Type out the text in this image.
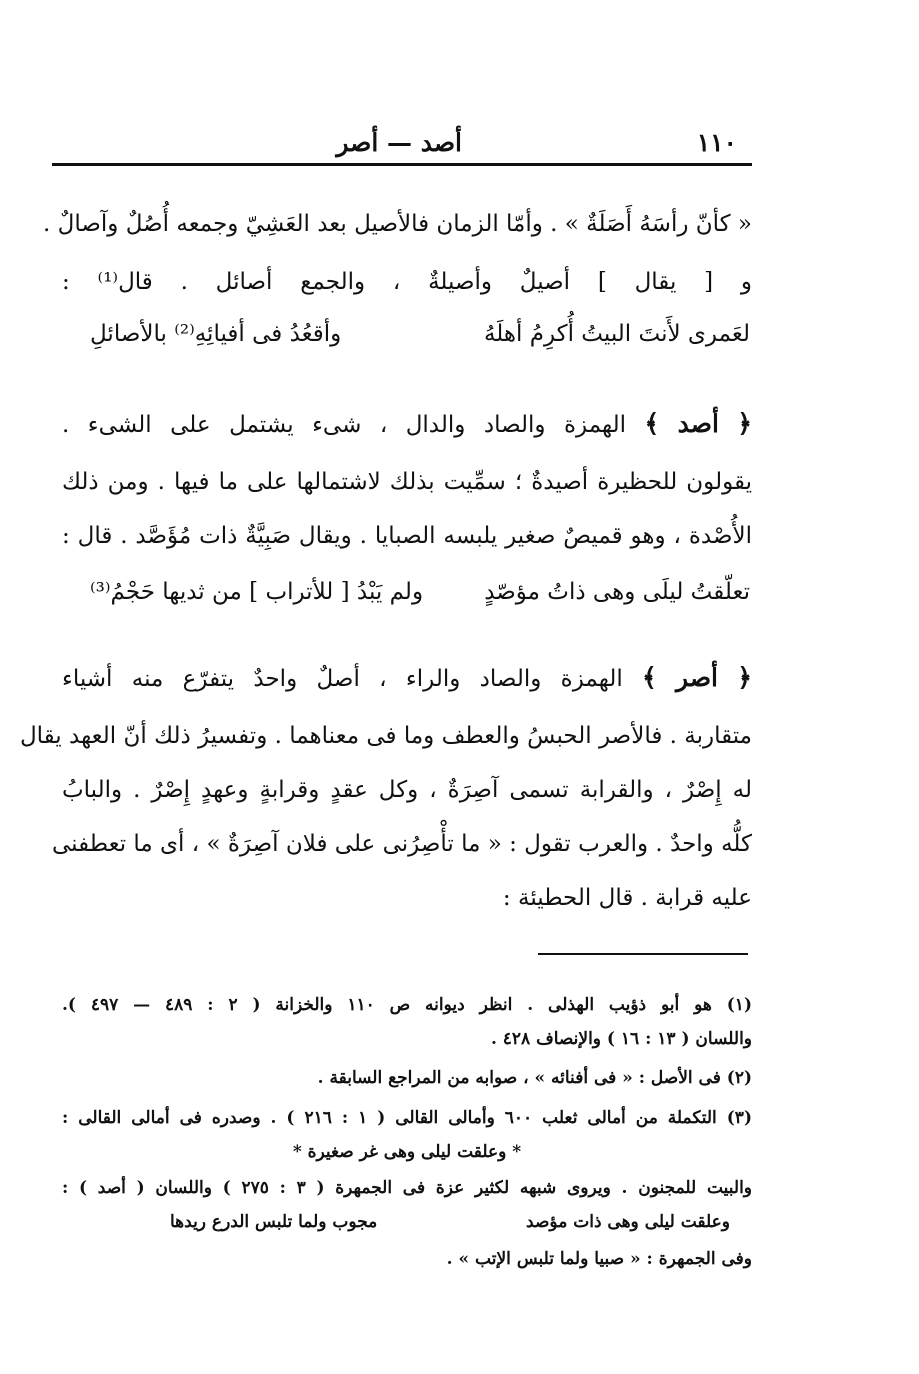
١١٠
أصد — أصر
« كأنّ رأسَهُ أَصَلَةٌ » . وأمّا الزمان فالأصيل بعد العَشِيّ وجمعه أُصُلٌ وآصالٌ .
و [ يقال ] أصيلٌ وأصيلةٌ ، والجمع أصائل . قال⁽¹⁾ :
لعَمرى لأَنتَ البيتُ أُكرِمُ أهلَهُ
وأقعُدُ فى أفيائِهِ⁽²⁾ بالأصائلِ
﴿ أصد ﴾ الهمزة والصاد والدال ، شىء يشتمل على الشىء .
يقولون للحظيرة أصيدةٌ ؛ سمِّيت بذلك لاشتمالها على ما فيها . ومن ذلك
الأُصْدة ، وهو قميصٌ صغير يلبسه الصبايا . ويقال صَبِيَّةٌ ذات مُؤَصَّد . قال :
تعلّقتُ ليلَى وهى ذاتُ مؤصّدٍ
ولم يَبْدُ [ للأتراب ] من ثديها حَجْمُ⁽³⁾
﴿ أصر ﴾ الهمزة والصاد والراء ، أصلٌ واحدٌ يتفرّع منه أشياء
متقاربة . فالأصر الحبسُ والعطف وما فى معناهما . وتفسيرُ ذلك أنّ العهد يقال
له إِصْرٌ ، والقرابة تسمى آصِرَةٌ ، وكل عقدٍ وقرابةٍ وعهدٍ إِصْرٌ . والبابُ
كلُّه واحدٌ . والعرب تقول : « ما تأْصِرُنى على فلان آصِرَةٌ » ، أى ما تعطفنى
عليه قرابة . قال الحطيئة :
(١) هو أبو ذؤيب الهذلى . انظر ديوانه ص ١١٠ والخزانة ( ٢ : ٤٨٩ — ٤٩٧ ).
واللسان ( ١٣ : ١٦ ) والإنصاف ٤٢٨ .
(٢) فى الأصل : « فى أفنائه » ، صوابه من المراجع السابقة .
(٣) التكملة من أمالى ثعلب ٦٠٠ وأمالى القالى ( ١ : ٢١٦ ) . وصدره فى أمالى القالى :
* وعلقت ليلى وهى غر صغيرة *
والبيت للمجنون . ويروى شبهه لكثير عزة فى الجمهرة ( ٣ : ٢٧٥ ) واللسان ( أصد ) :
وعلقت ليلى وهى ذات مؤصد
مجوب ولما تلبس الدرع ريدها
وفى الجمهرة : « صبيا ولما تلبس الإتب » .
